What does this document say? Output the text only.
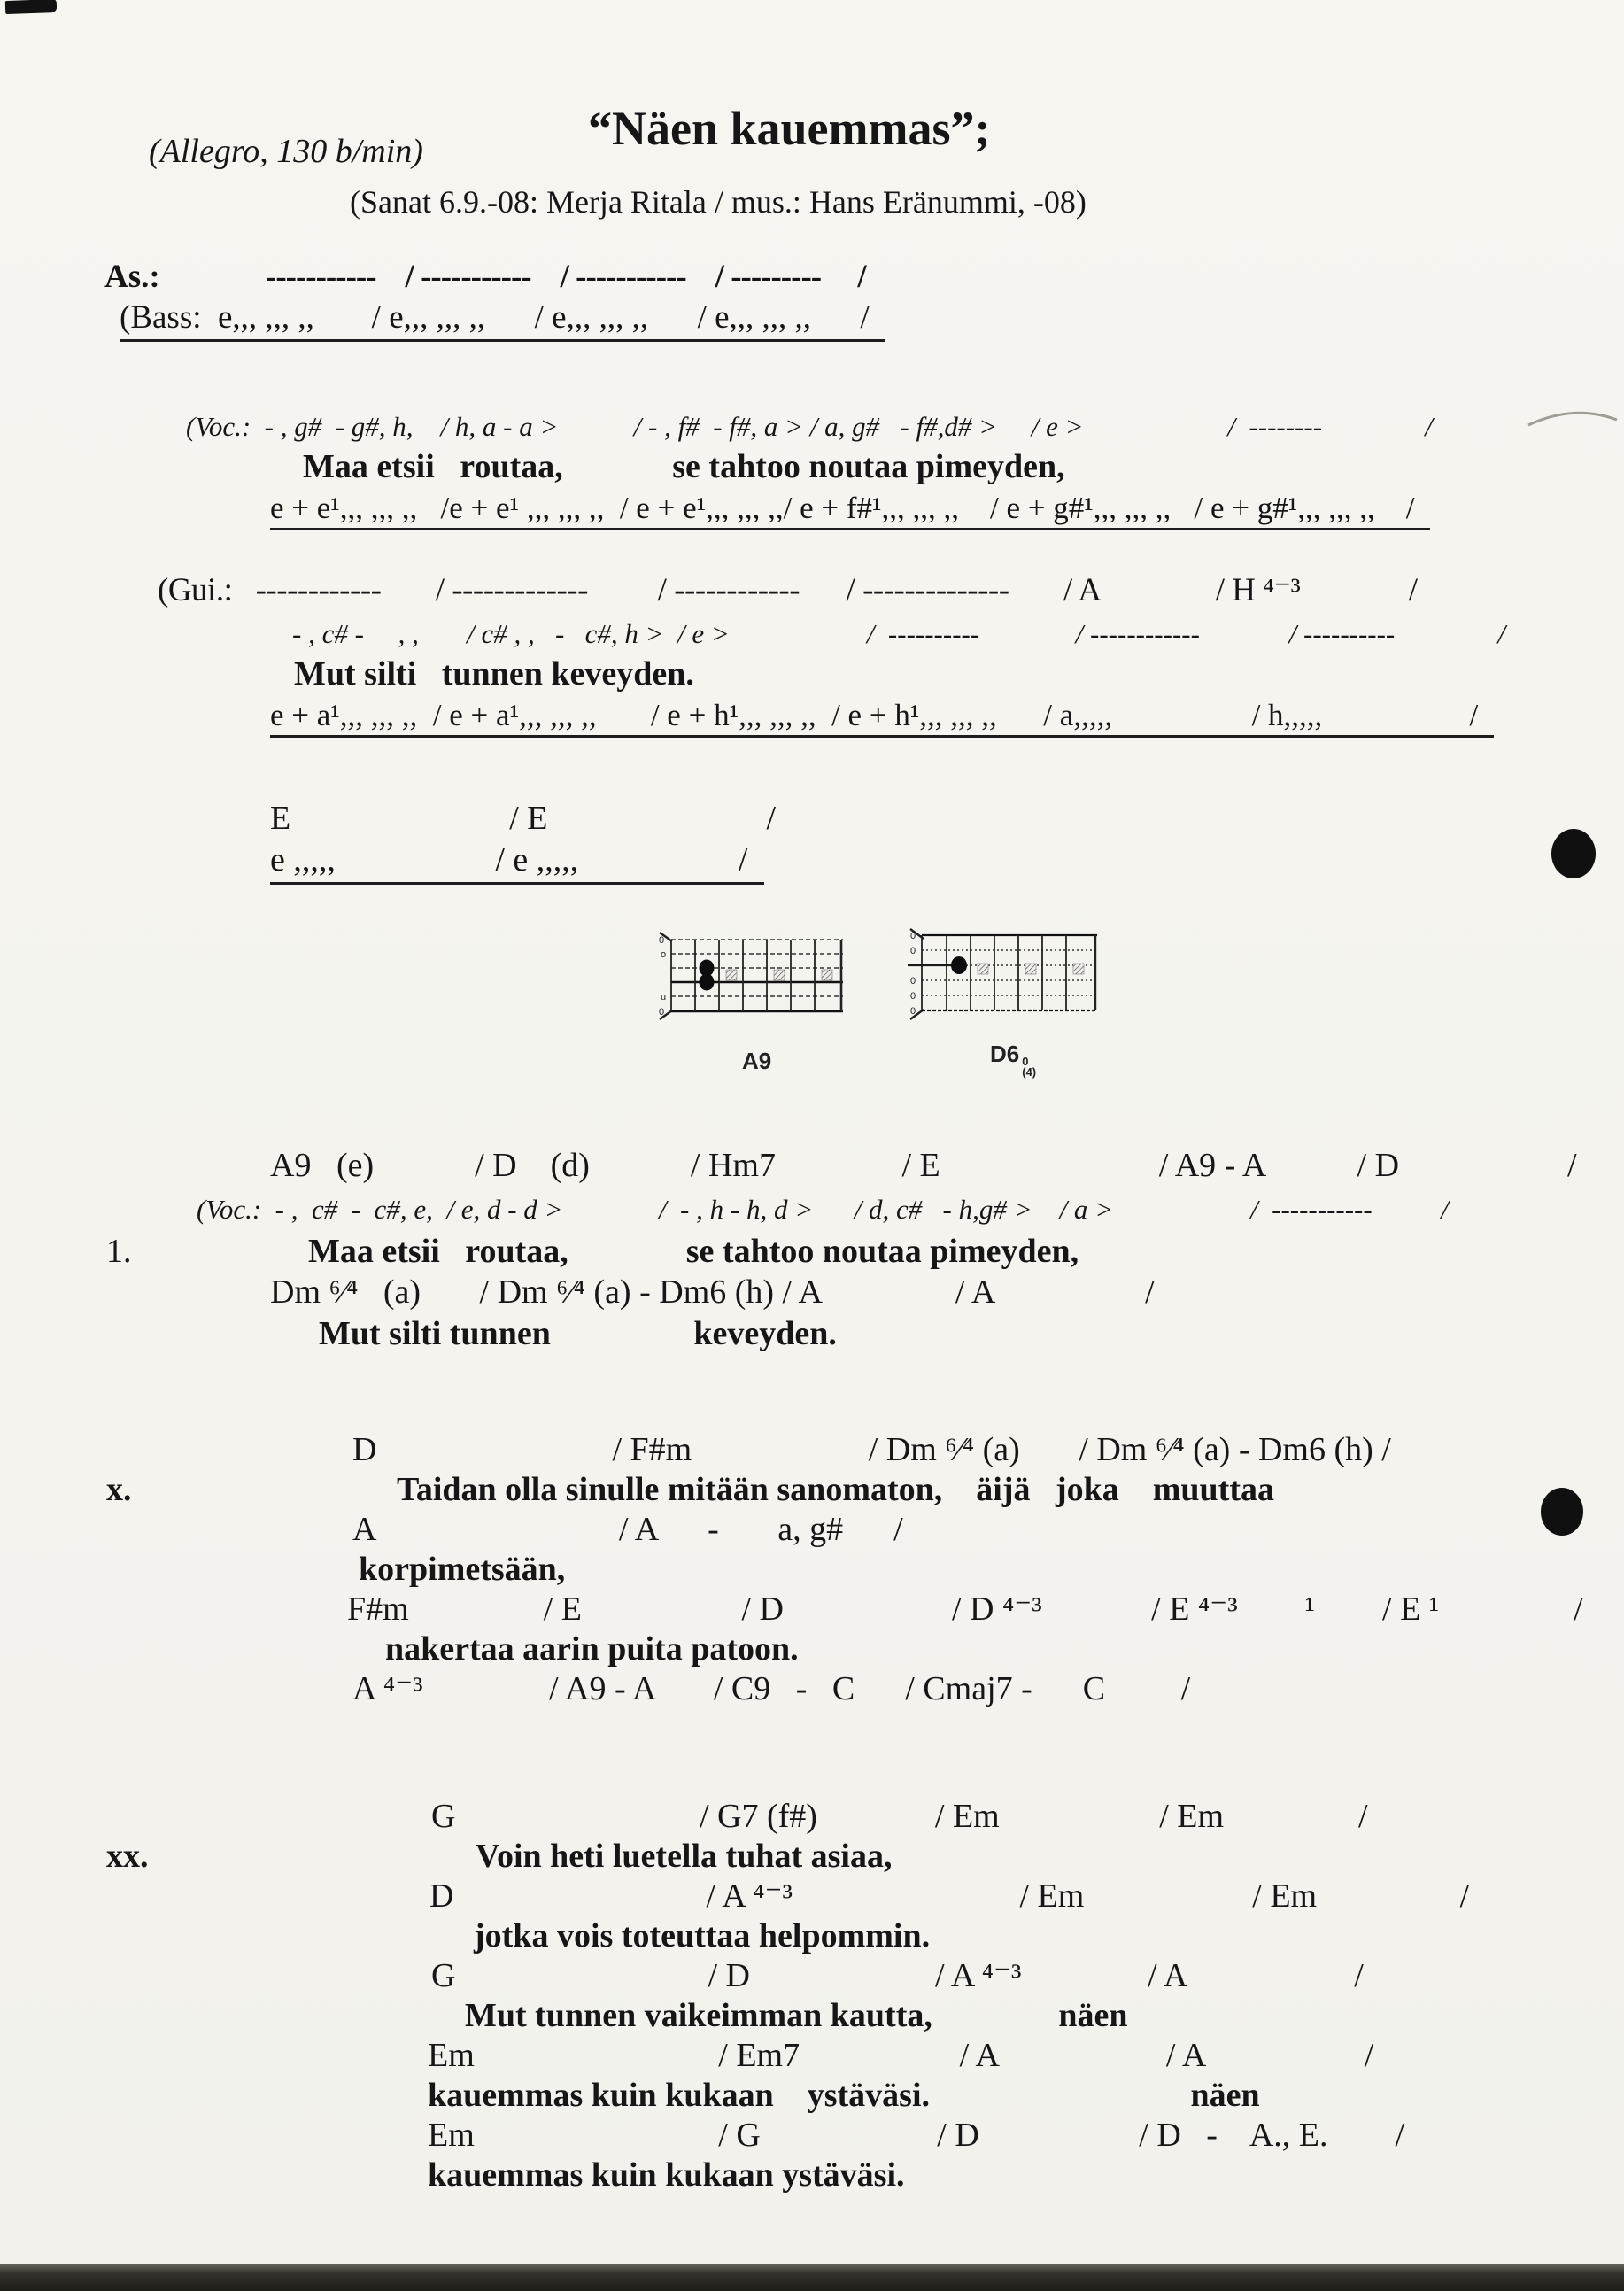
(Allegro, 130 b/min)	“Näen kauemmas”;
(Sanat 6.9.-08: Merja Ritala / mus.: Hans Eränummi, -08)
As.:	-----------    / -----------    / -----------    / ---------     /
(Bass:  e,,, ,,, ,,       / e,,, ,,, ,,      / e,,, ,,, ,,      / e,,, ,,, ,,      /
(Voc.:  - , g#  - g#, h,    / h, a - a >           / - , f#  - f#, a > / a, g#   - f#,d# >     / e >                     /  --------               /
Maa etsii   routaa,             se tahtoo noutaa pimeyden,
e + e¹,,, ,,, ,,   /e + e¹ ,,, ,,, ,,  / e + e¹,,, ,,, ,,/ e + f#¹,,, ,,, ,,    / e + g#¹,,, ,,, ,,   / e + g#¹,,, ,,, ,,    /
(Gui.:   ------------       / -------------         / ------------      / --------------       / A               / H ⁴⁻³              /
- , c# -     , ,       / c# , ,   -   c#, h >  / e >                    /  ----------              / ------------             / ----------               /
Mut silti   tunnen keveyden.
e + a¹,,, ,,, ,,  / e + a¹,,, ,,, ,,       / e + h¹,,, ,,, ,,  / e + h¹,,, ,,, ,,      / a,,,,,                  / h,,,,,                   /
E                          / E                          /
e ,,,,,                   / e ,,,,,                   /
0
o
u
0
A9
0
0
0
0
0
D6 0
(4)
A9   (e)            / D    (d)            / Hm7               / E                          / A9 - A           / D                    /
(Voc.:  - ,  c#  -  c#, e,  / e, d - d >              /  - , h - h, d >      / d, c#   - h,g# >    / a >                    /  -----------          /
1.	Maa etsii   routaa,              se tahtoo noutaa pimeyden,
Dm ⁶⁄⁴   (a)       / Dm ⁶⁄⁴ (a) - Dm6 (h) / A                / A                  /
Mut silti tunnen                 keveyden.
D                            / F#m                     / Dm ⁶⁄⁴ (a)       / Dm ⁶⁄⁴ (a) - Dm6 (h) /
x.	Taidan olla sinulle mitään sanomaton,    äijä   joka    muuttaa
A                             / A      -       a, g#      /
korpimetsään,
F#m                / E                   / D                    / D ⁴⁻³             / E ⁴⁻³        ¹        / E ¹                /
nakertaa aarin puita patoon.
A ⁴⁻³               / A9 - A       / C9   -   C      / Cmaj7 -      C         /
G                             / G7 (f#)              / Em                   / Em                /
xx.	Voin heti luetella tuhat asiaa,
D                              / A ⁴⁻³                           / Em                    / Em                 /
jotka vois toteuttaa helpommin.
G                              / D                      / A ⁴⁻³               / A                    /
Mut tunnen vaikeimman kautta,               näen
Em                             / Em7                   / A                    / A                   /
kauemmas kuin kukaan    ystäväsi.                               näen
Em                             / G                     / D                   / D   -    A., E.        /
kauemmas kuin kukaan ystäväsi.
